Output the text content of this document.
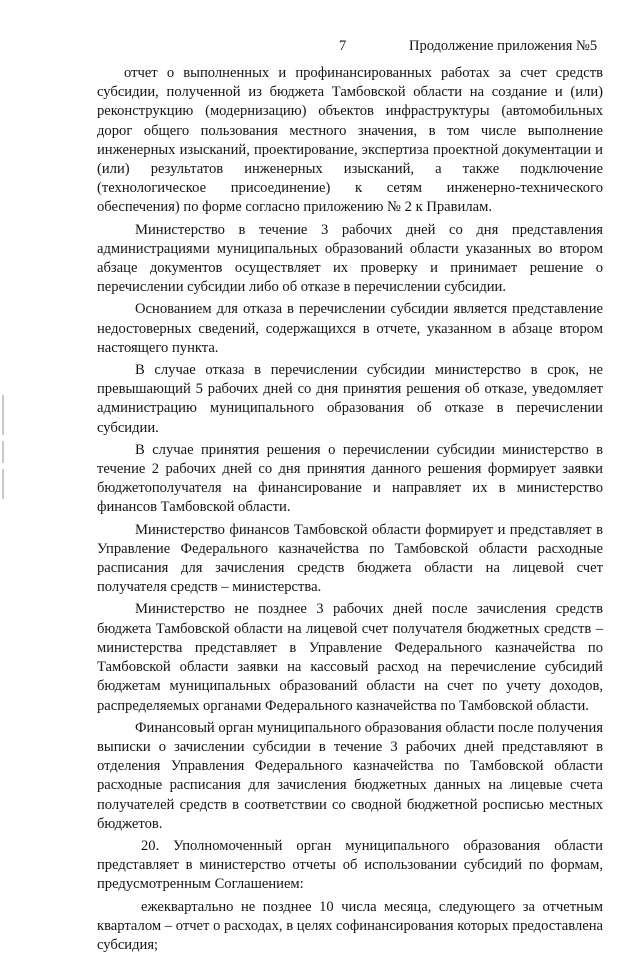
7	Продолжение приложения №5

отчет о выполненных и профинансированных работах за счет средств субсидии, полученной из бюджета Тамбовской области на создание и (или) реконструкцию (модернизацию) объектов инфраструктуры (автомобильных дорог общего пользования местного значения, в том числе выполнение инженерных изысканий, проектирование, экспертиза проектной документации и (или) результатов инженерных изысканий, а также подключение (технологическое присоединение) к сетям инженерно-технического обеспечения) по форме согласно приложению № 2 к Правилам.

Министерство в течение 3 рабочих дней со дня представления администрациями муниципальных образований области указанных во втором абзаце документов осуществляет их проверку и принимает решение о перечислении субсидии либо об отказе в перечислении субсидии.

Основанием для отказа в перечислении субсидии является представление недостоверных сведений, содержащихся в отчете, указанном в абзаце втором настоящего пункта.

В случае отказа в перечислении субсидии министерство в срок, не превышающий 5 рабочих дней со дня принятия решения об отказе, уведомляет администрацию муниципального образования об отказе в перечислении субсидии.

В случае принятия решения о перечислении субсидии министерство в течение 2 рабочих дней со дня принятия данного решения формирует заявки бюджетополучателя на финансирование и направляет их в министерство финансов Тамбовской области.

Министерство финансов Тамбовской области формирует и представляет в Управление Федерального казначейства по Тамбовской области расходные расписания для зачисления средств бюджета области на лицевой счет получателя средств – министерства.

Министерство не позднее 3 рабочих дней после зачисления средств бюджета Тамбовской области на лицевой счет получателя бюджетных средств – министерства представляет в Управление Федерального казначейства по Тамбовской области заявки на кассовый расход на перечисление субсидий бюджетам муниципальных образований области на счет по учету доходов, распределяемых органами Федерального казначейства по Тамбовской области.

Финансовый орган муниципального образования области после получения выписки о зачислении субсидии в течение 3 рабочих дней представляют в отделения Управления Федерального казначейства по Тамбовской области расходные расписания для зачисления бюджетных данных на лицевые счета получателей средств в соответствии со сводной бюджетной росписью местных бюджетов.

20. Уполномоченный орган муниципального образования области представляет в министерство отчеты об использовании субсидий по формам, предусмотренным Соглашением:

ежеквартально не позднее 10 числа месяца, следующего за отчетным кварталом – отчет о расходах, в целях софинансирования которых предоставлена субсидия;
